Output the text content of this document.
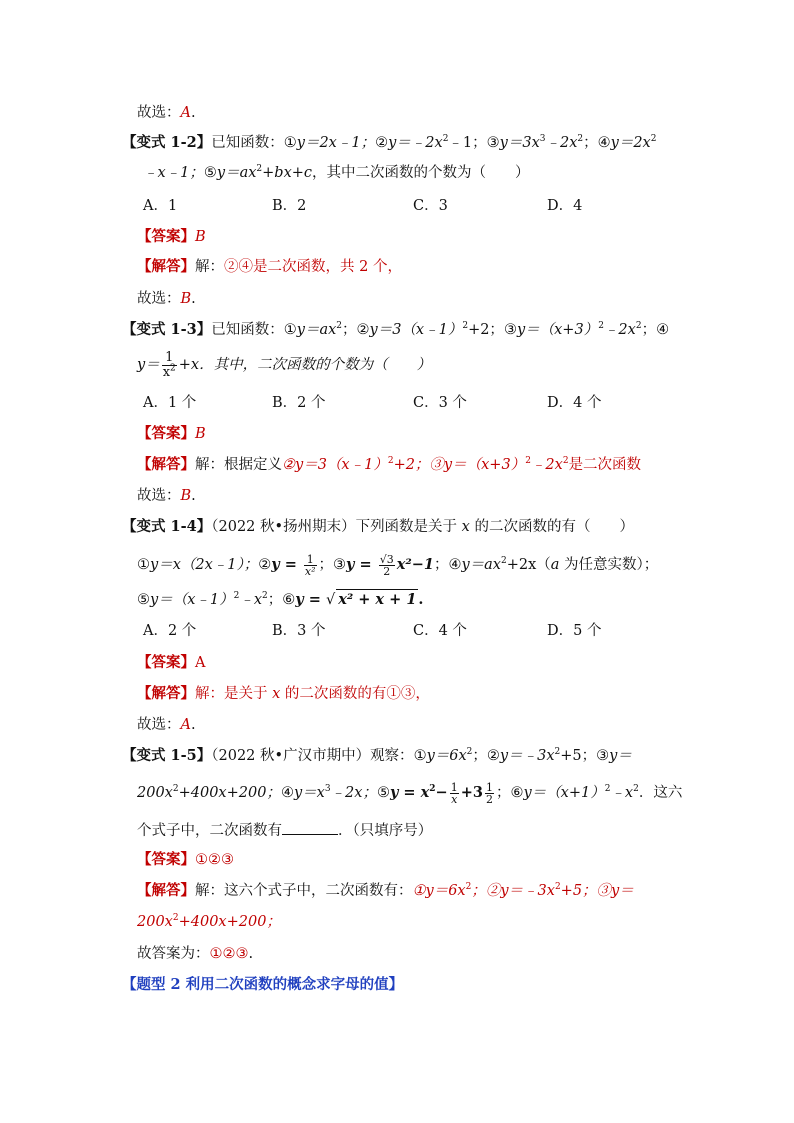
故选：A.
【变式 1-2】已知函数：①y＝2x﹣1；$②y=﹣2x^2﹣1$；$③y=3x^3﹣2x^2$；$④y=2x^2$
﹣x﹣1；$⑤y=ax^2+bx+c$，其中二次函数的个数为（　　）
A．1	B．2	C．3	D．4
【答案】B
【解答】解：②④是二次函数，共 2 个，
故选：B.
【变式 1-3】已知函数：$①y=ax^2$；②y＝3（x﹣1）$^2$+2；$③y=(x+3)^2﹣2x^2$；④
$y= \frac{1}{x^2} +x$．其中，二次函数的个数为（　　）
A．1 个	B．2 个	C．3 个	D．4 个
【答案】B
【解答】解：根据定义②y＝3（x﹣1）$^2$+2；$③y=(x+3)^2﹣2x^2$是二次函数
故选：B.
【变式 1-4】（2022 秋•扬州期末）下列函数是关于 x 的二次函数的有（　　）
①y＝x（2x﹣1）；②y = $\frac{1}{\text{x²}}$ ；③y = $\frac{√3}{2} x^2-1$；$④y=ax^2+2x(a$ 为任意实数）；
$⑤y=(x﹣1)^2﹣x^2$；⑥y = √ x² + x + 1 .
A．2 个	B．3 个	C．4 个	D．5 个
【答案】A
【解答】解：是关于 x 的二次函数的有①③，
故选：A.
【变式 1-5】（2022 秋•广汉市期中）观察：$①y=6x^2$；$②y=﹣3x^2+5$；③y＝
$200x^2+400x+200$；$④y=x^3﹣2x$；⑤y = $x^2- \frac{1}{x} +3 \frac{1}{2}$ ；$⑥y=(x+1)^2﹣x^2$．这六
个式子中，二次函数有	．（只填序号）
【答案】①②③
【解答】解：这六个式子中，二次函数有：$①y=6x^2$；$②y=﹣3x^2+5$；③y＝
$200x^2+400x+200$；
故答案为：①②③.
【题型 2 利用二次函数的概念求字母的值】
